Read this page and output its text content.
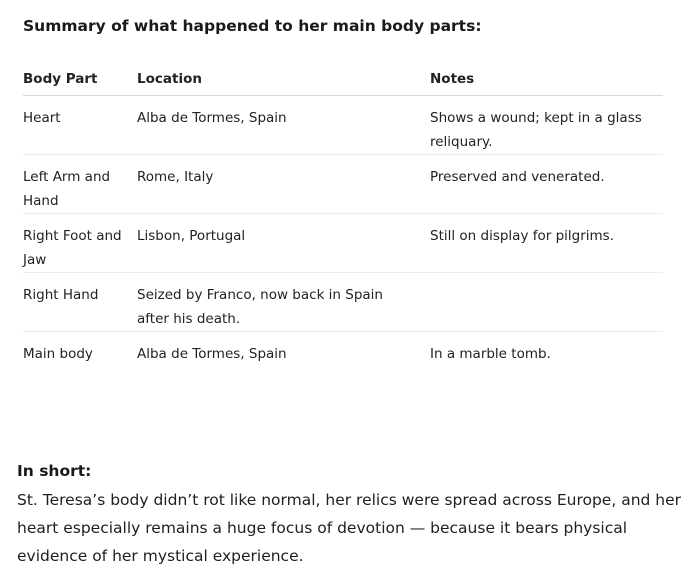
Summary of what happened to her main body parts:
Body Part	Location	Notes
Heart	Alba de Tormes, Spain	Shows a wound; kept in a glass reliquary.
Left Arm and Hand	Rome, Italy	Preserved and venerated.
Right Foot and Jaw	Lisbon, Portugal	Still on display for pilgrims.
Right Hand	Seized by Franco, now back in Spain after his death.	
Main body	Alba de Tormes, Spain	In a marble tomb.
In short:
St. Teresa’s body didn’t rot like normal, her relics were spread across Europe, and her heart especially remains a huge focus of devotion — because it bears physical evidence of her mystical experience.
